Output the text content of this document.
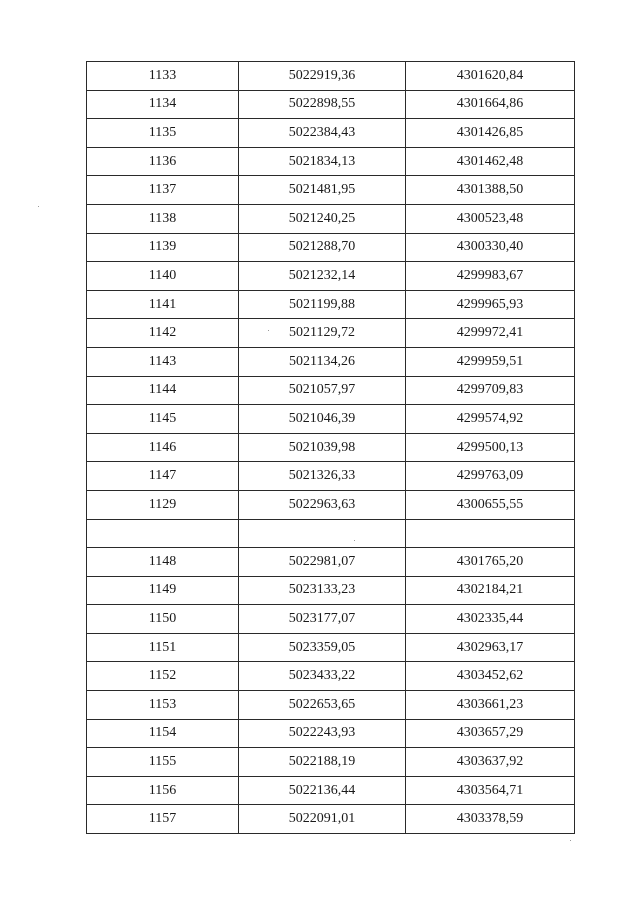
1133	5022919,36	4301620,84
1134	5022898,55	4301664,86
1135	5022384,43	4301426,85
1136	5021834,13	4301462,48
1137	5021481,95	4301388,50
1138	5021240,25	4300523,48
1139	5021288,70	4300330,40
1140	5021232,14	4299983,67
1141	5021199,88	4299965,93
1142	5021129,72	4299972,41
1143	5021134,26	4299959,51
1144	5021057,97	4299709,83
1145	5021046,39	4299574,92
1146	5021039,98	4299500,13
1147	5021326,33	4299763,09
1129	5022963,63	4300655,55

1148	5022981,07	4301765,20
1149	5023133,23	4302184,21
1150	5023177,07	4302335,44
1151	5023359,05	4302963,17
1152	5023433,22	4303452,62
1153	5022653,65	4303661,23
1154	5022243,93	4303657,29
1155	5022188,19	4303637,92
1156	5022136,44	4303564,71
1157	5022091,01	4303378,59
